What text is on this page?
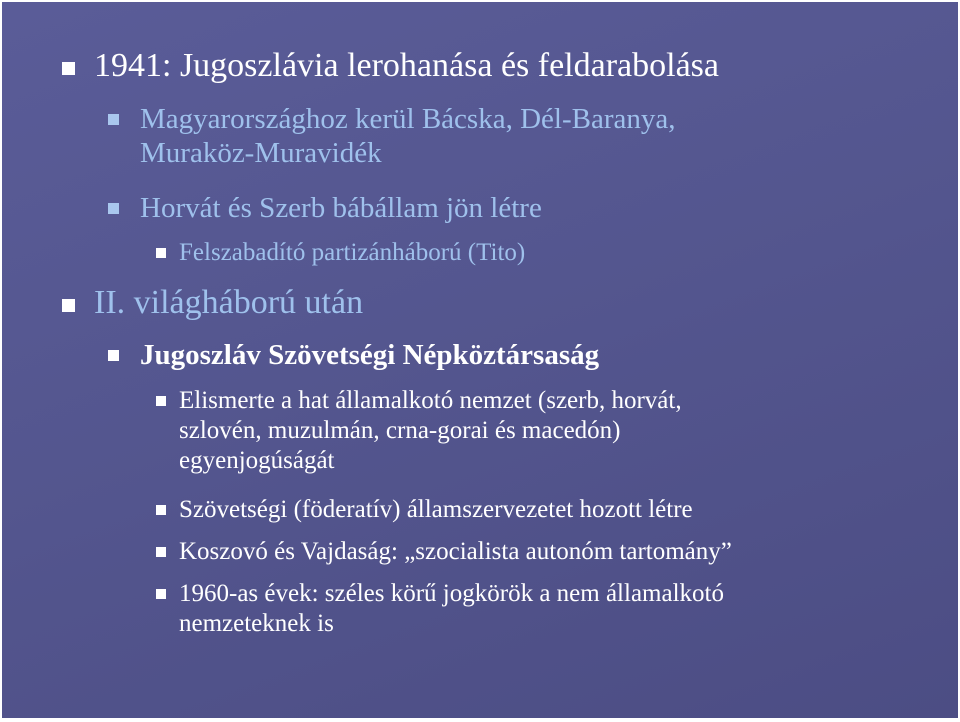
1941: Jugoszlávia lerohanása és feldarabolása
Magyarországhoz kerül Bácska, Dél-Baranya,
Muraköz-Muravidék
Horvát és Szerb bábállam jön létre
Felszabadító partizánháború (Tito)
II. világháború után
Jugoszláv Szövetségi Népköztársaság
Elismerte a hat államalkotó nemzet (szerb, horvát,
szlovén, muzulmán, crna-gorai és macedón)
egyenjogúságát
Szövetségi (föderatív) államszervezetet hozott létre
Koszovó és Vajdaság: „szocialista autonóm tartomány”
1960-as évek: széles körű jogkörök a nem államalkotó
nemzeteknek is
